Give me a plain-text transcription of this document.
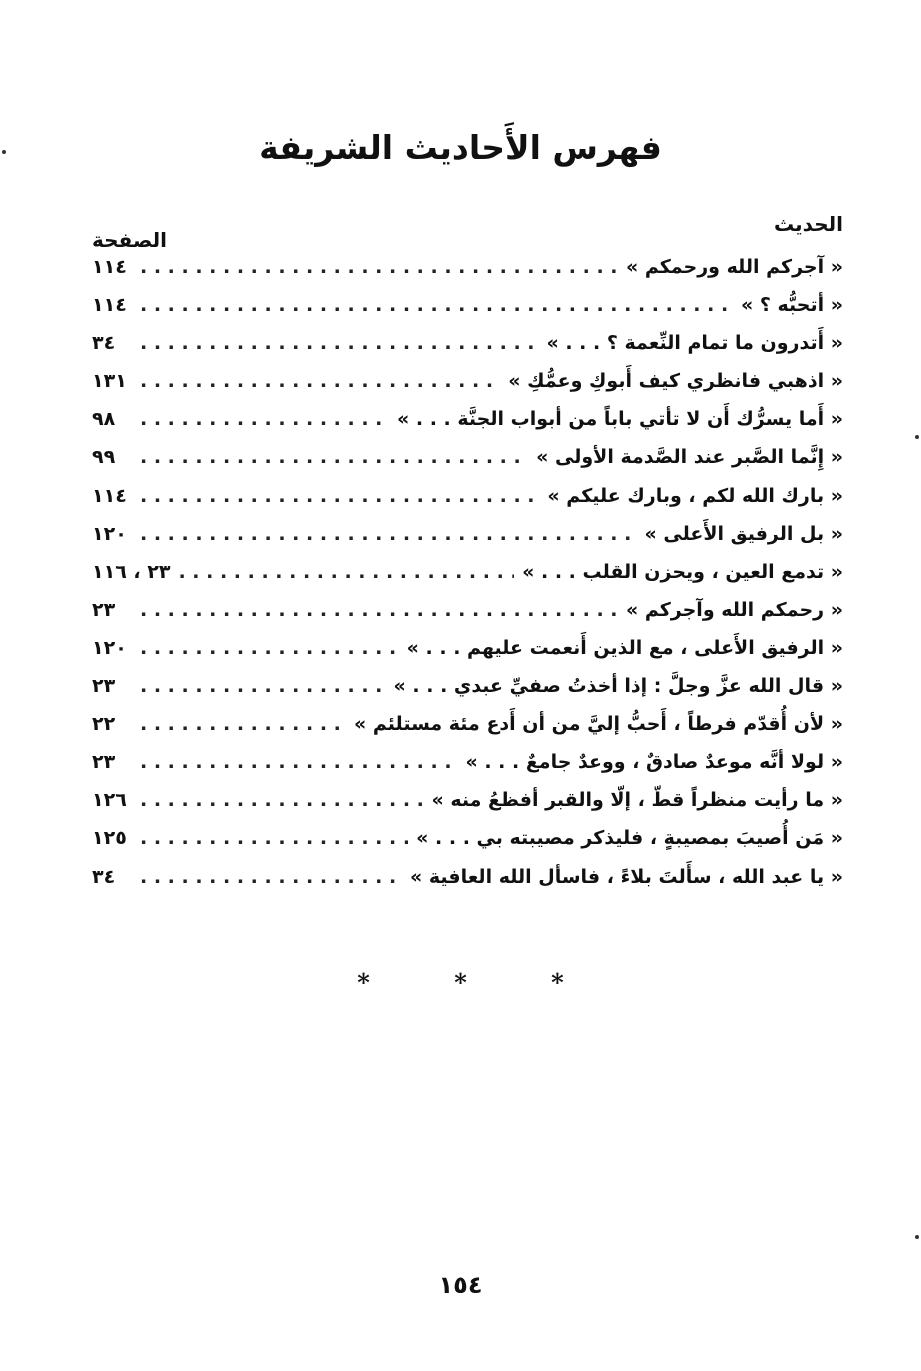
فهرس الأَحاديث الشريفة
الحديث
الصفحة
« آجركم الله ورحمكم »
. . .
١١٤
« أتحبُّه ؟ »
. . .
١١٤
« أَتدرون ما تمام النِّعمة ؟ . . . »
. . .
٣٤
« اذهبي فانظري كيف أَبوكِ وعمُّكِ »
. . .
١٣١
« أَما يسرُّك أَن لا تأتي باباً من أبواب الجنَّة . . . »
. . .
٩٨
« إِنَّما الصَّبر عند الصَّدمة الأولى »
. . .
٩٩
« بارك الله لكم ، وبارك عليكم »
. . .
١١٤
« بل الرفيق الأَعلى »
. . .
١٢٠
« تدمع العين ، ويحزن القلب . . . »
. . .
٢٣ ، ١١٦
« رحمكم الله وآجركم »
. . .
٢٣
« الرفيق الأَعلى ، مع الذين أَنعمت عليهم . . . »
. . .
١٢٠
« قال الله عزَّ وجلَّ : إذا أخذتُ صفيِّ عبدي . . . »
. . .
٢٣
« لأن أُقدّم فرطاً ، أَحبُّ إليَّ من أن أَدع مئة مستلئم »
. . .
٢٢
« لولا أنَّه موعدٌ صادقٌ ، ووعدٌ جامعٌ . . . »
. . .
٢٣
« ما رأيت منظراً قطّ ، إلّا والقبر أفظعُ منه »
. . .
١٢٦
« مَن أُصيبَ بمصيبةٍ ، فليذكر مصيبته بي . . . »
. . .
١٢٥
« يا عبد الله ، سأَلتَ بلاءً ، فاسأل الله العافية »
. . .
٣٤
*	*	*
١٥٤
